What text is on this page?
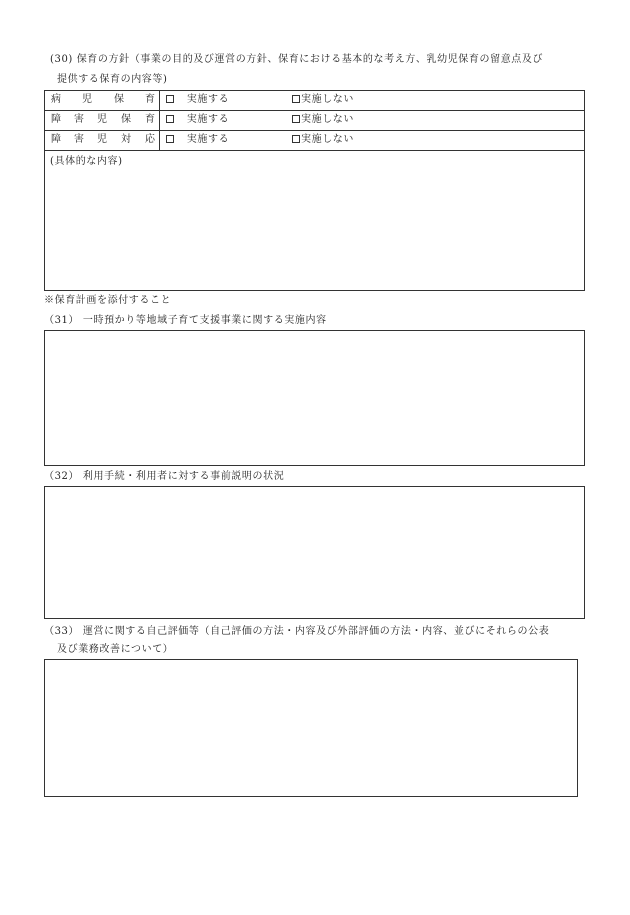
(30) 保育の方針（事業の目的及び運営の方針、保育における基本的な考え方、乳幼児保育の留意点及び
提供する保育の内容等)
病 児 保 育	実施する	実施しない
障 害 児 保 育	実施する	実施しない
障 害 児 対 応	実施する	実施しない
(具体的な内容)
※保育計画を添付すること
（31） 一時預かり等地域子育て支援事業に関する実施内容
（32） 利用手続・利用者に対する事前説明の状況
（33） 運営に関する自己評価等（自己評価の方法・内容及び外部評価の方法・内容、並びにそれらの公表
及び業務改善について）
